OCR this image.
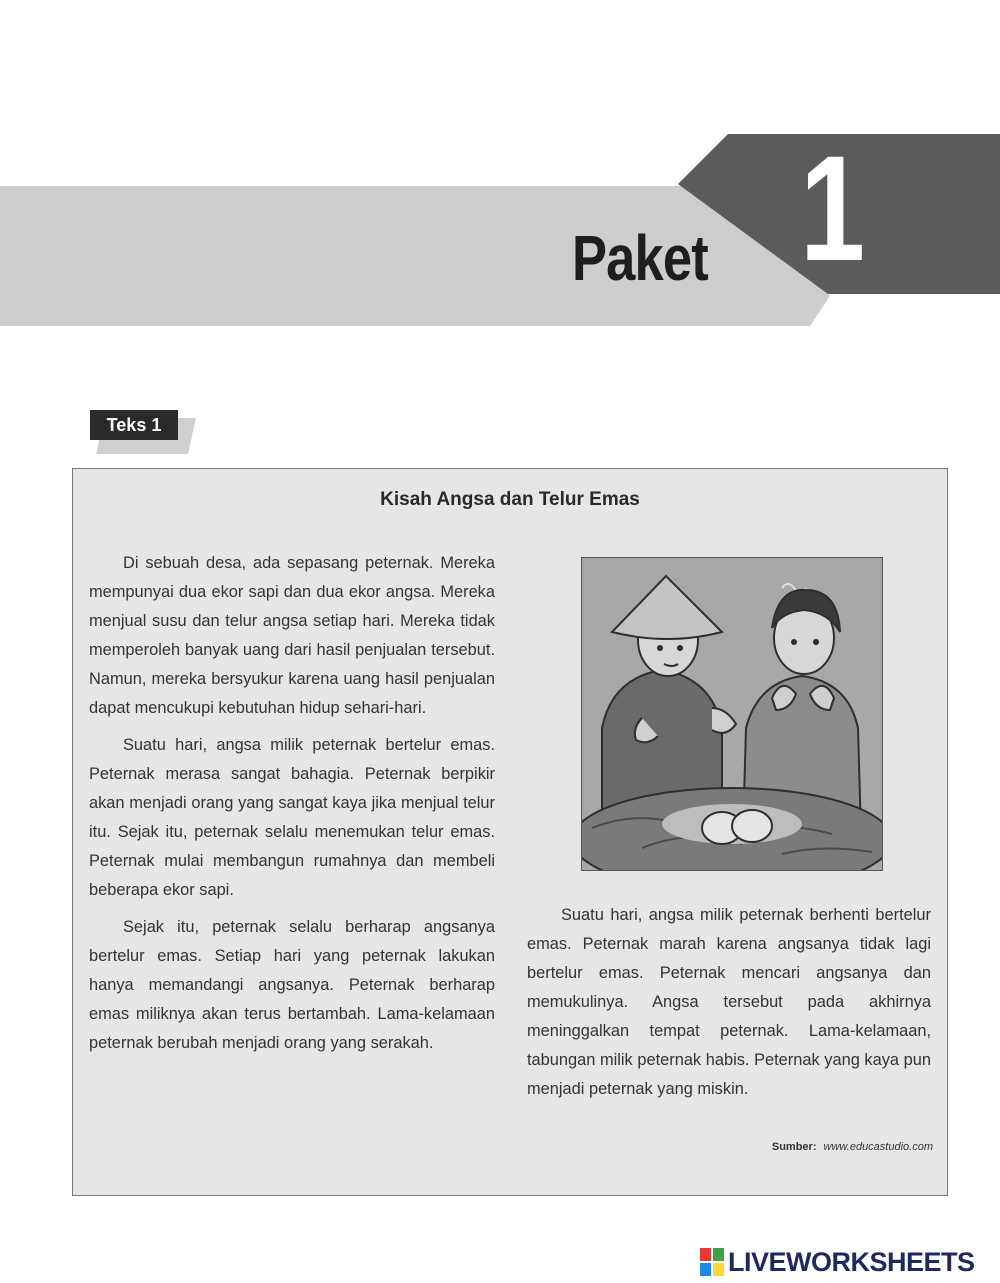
Paket 1
Teks 1
Kisah Angsa dan Telur Emas

Di sebuah desa, ada sepasang peternak. Mereka mempunyai dua ekor sapi dan dua ekor angsa. Mereka menjual susu dan telur angsa setiap hari. Mereka tidak memperoleh banyak uang dari hasil penjualan tersebut. Namun, mereka bersyukur karena uang hasil penjualan dapat mencukupi kebutuhan hidup sehari-hari.

Suatu hari, angsa milik peternak bertelur emas. Peternak merasa sangat bahagia. Peternak berpikir akan menjadi orang yang sangat kaya jika menjual telur itu. Sejak itu, peternak selalu menemukan telur emas. Peternak mulai membangun rumahnya dan membeli beberapa ekor sapi.

Sejak itu, peternak selalu berharap angsanya bertelur emas. Setiap hari yang peternak lakukan hanya memandangi angsanya. Peternak berharap emas miliknya akan terus bertambah. Lama-kelamaan peternak berubah menjadi orang yang serakah.

Suatu hari, angsa milik peternak berhenti bertelur emas. Peternak marah karena angsanya tidak lagi bertelur emas. Peternak mencari angsanya dan memukulinya. Angsa tersebut pada akhirnya meninggalkan tempat peternak. Lama-kelamaan, tabungan milik peternak habis. Peternak yang kaya pun menjadi peternak yang miskin.

Sumber: www.educastudio.com

LIVEWORKSHEETS
